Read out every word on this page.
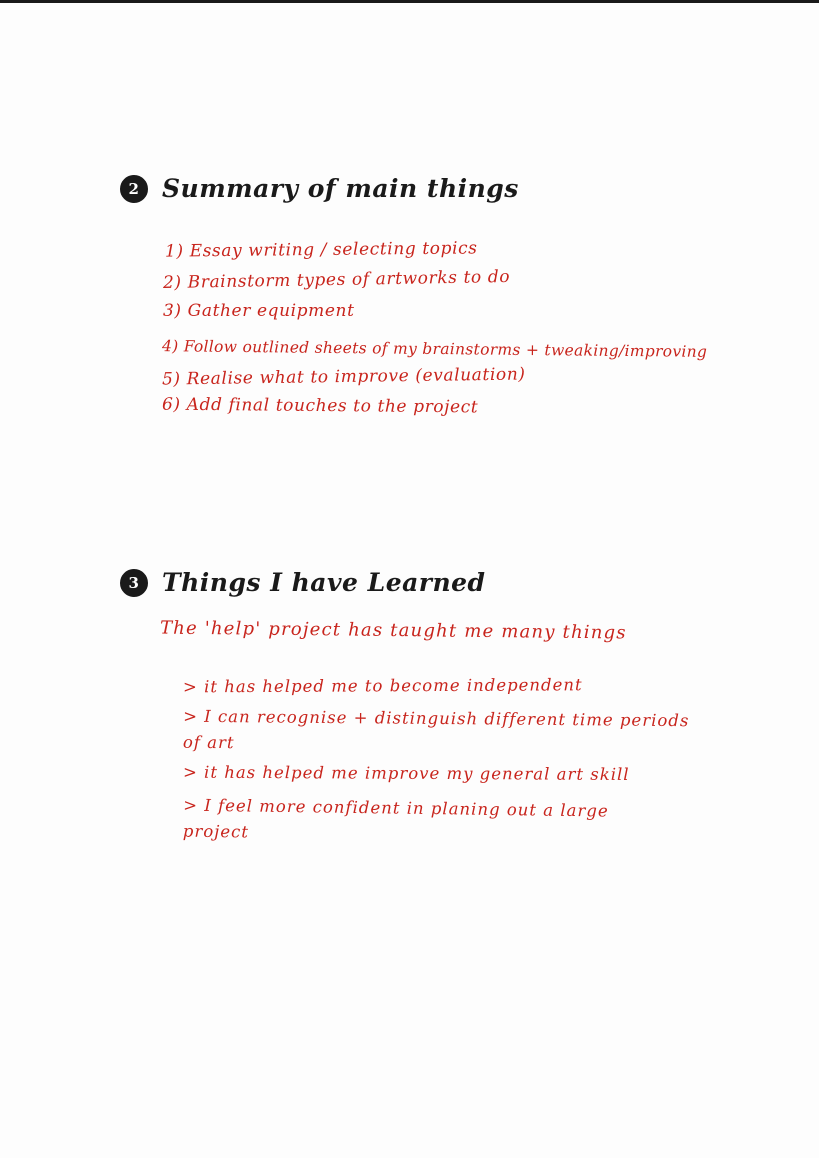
2 Summary of main things
1) Essay writing / selecting topics
2) Brainstorm types of artworks to do
3) Gather equipment
4) Follow outlined sheets of my brainstorms + tweaking/improving
5) Realise what to improve (evaluation)
6) Add final touches to the project
3 Things I have Learned
The 'help' project has taught me many things
> it has helped me to become independent
> I can recognise + distinguish different time periods of art
> it has helped me improve my general art skill
> I feel more confident in planing out a large project
